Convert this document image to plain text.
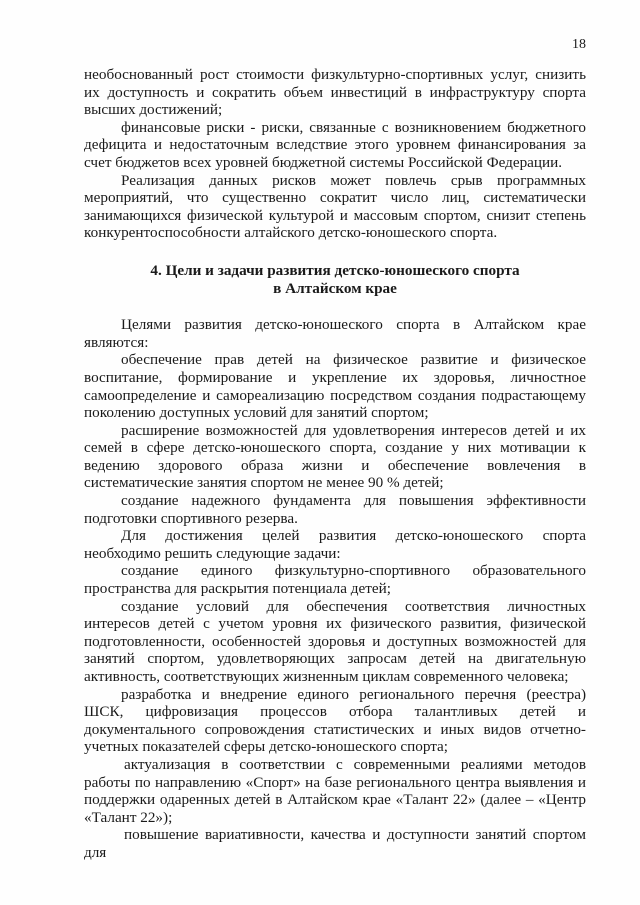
18

необоснованный рост стоимости физкультурно-спортивных услуг, снизить их доступность и сократить объем инвестиций в инфраструктуру спорта высших достижений;

финансовые риски - риски, связанные с возникновением бюджетного дефицита и недостаточным вследствие этого уровнем финансирования за счет бюджетов всех уровней бюджетной системы Российской Федерации.

Реализация данных рисков может повлечь срыв программных мероприятий, что существенно сократит число лиц, систематически занимающихся физической культурой и массовым спортом, снизит степень конкурентоспособности алтайского детско-юношеского спорта.

4. Цели и задачи развития детско-юношеского спорта
в Алтайском крае

Целями развития детско-юношеского спорта в Алтайском крае являются:

обеспечение прав детей на физическое развитие и физическое воспитание, формирование и укрепление их здоровья, личностное самоопределение и самореализацию посредством создания подрастающему поколению доступных условий для занятий спортом;

расширение возможностей для удовлетворения интересов детей и их семей в сфере детско-юношеского спорта, создание у них мотивации к ведению здорового образа жизни и обеспечение вовлечения в систематические занятия спортом не менее 90 % детей;

создание надежного фундамента для повышения эффективности подготовки спортивного резерва.

Для достижения целей развития детско-юношеского спорта необходимо решить следующие задачи:

создание единого физкультурно-спортивного образовательного пространства для раскрытия потенциала детей;

создание условий для обеспечения соответствия личностных интересов детей с учетом уровня их физического развития, физической подготовленности, особенностей здоровья и доступных возможностей для занятий спортом, удовлетворяющих запросам детей на двигательную активность, соответствующих жизненным циклам современного человека;

разработка и внедрение единого регионального перечня (реестра) ШСК, цифровизация процессов отбора талантливых детей и документального сопровождения статистических и иных видов отчетно-учетных показателей сферы детско-юношеского спорта;

актуализация в соответствии с современными реалиями методов работы по направлению «Спорт» на базе регионального центра выявления и поддержки одаренных детей в Алтайском крае «Талант 22» (далее – «Центр «Талант 22»);

повышение вариативности, качества и доступности занятий спортом для
